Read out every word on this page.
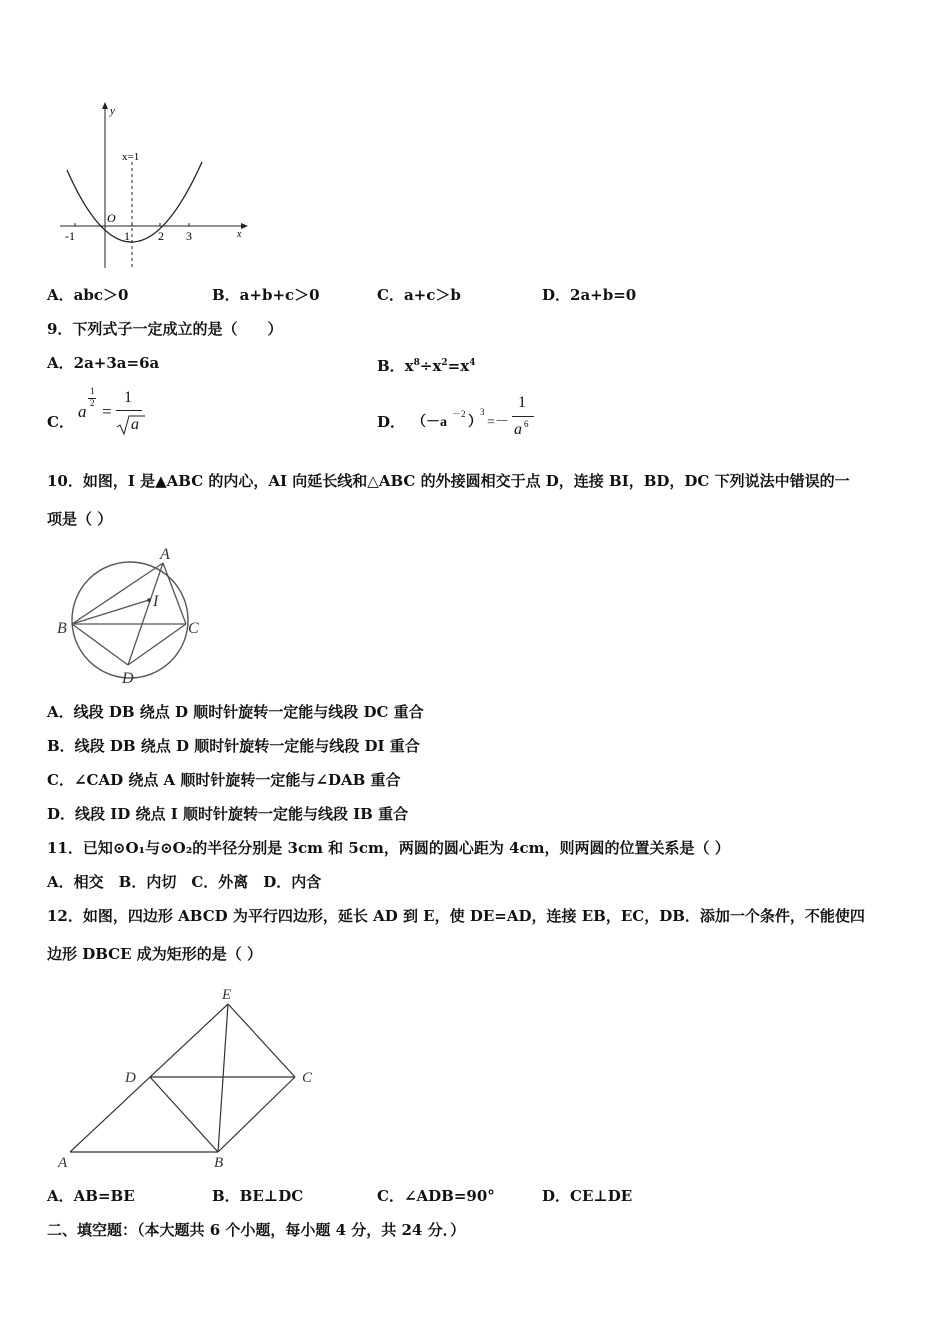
y
x
x=1
O
-1	1 2 3
A．abc＞0	B．a+b+c＞0	C．a+c＞b	D．2a+b=0
9．下列式子一定成立的是（　　）
A．2a+3a=6a	B．$x^8\div x^2=x^4$
C．
a
1
2 =
1
a	D． （－a
－2
）
3
=－
1
a 6
10．如图，I 是▲ABC 的内心，AI 向延长线和△ABC 的外接圆相交于点 D，连接 BI，BD，DC 下列说法中错误的一
项是（ ）
A
I
B	C
D
A．线段 DB 绕点 D 顺时针旋转一定能与线段 DC 重合
B．线段 DB 绕点 D 顺时针旋转一定能与线段 DI 重合
C．∠CAD 绕点 A 顺时针旋转一定能与∠DAB 重合
D．线段 ID 绕点 I 顺时针旋转一定能与线段 IB 重合
11．已知⊙O₁与⊙O₂的半径分别是 3cm 和 5cm，两圆的圆心距为 4cm，则两圆的位置关系是（ ）
A．相交　B．内切　C．外离　D．内含
12．如图，四边形 ABCD 为平行四边形，延长 AD 到 E，使 DE=AD，连接 EB，EC，DB．添加一个条件，不能使四
边形 DBCE 成为矩形的是（ ）
E
D	C
A	B
A．AB=BE	B．BE⊥DC	C．∠ADB=90°	D．CE⊥DE
二、填空题：（本大题共 6 个小题，每小题 4 分，共 24 分．）
